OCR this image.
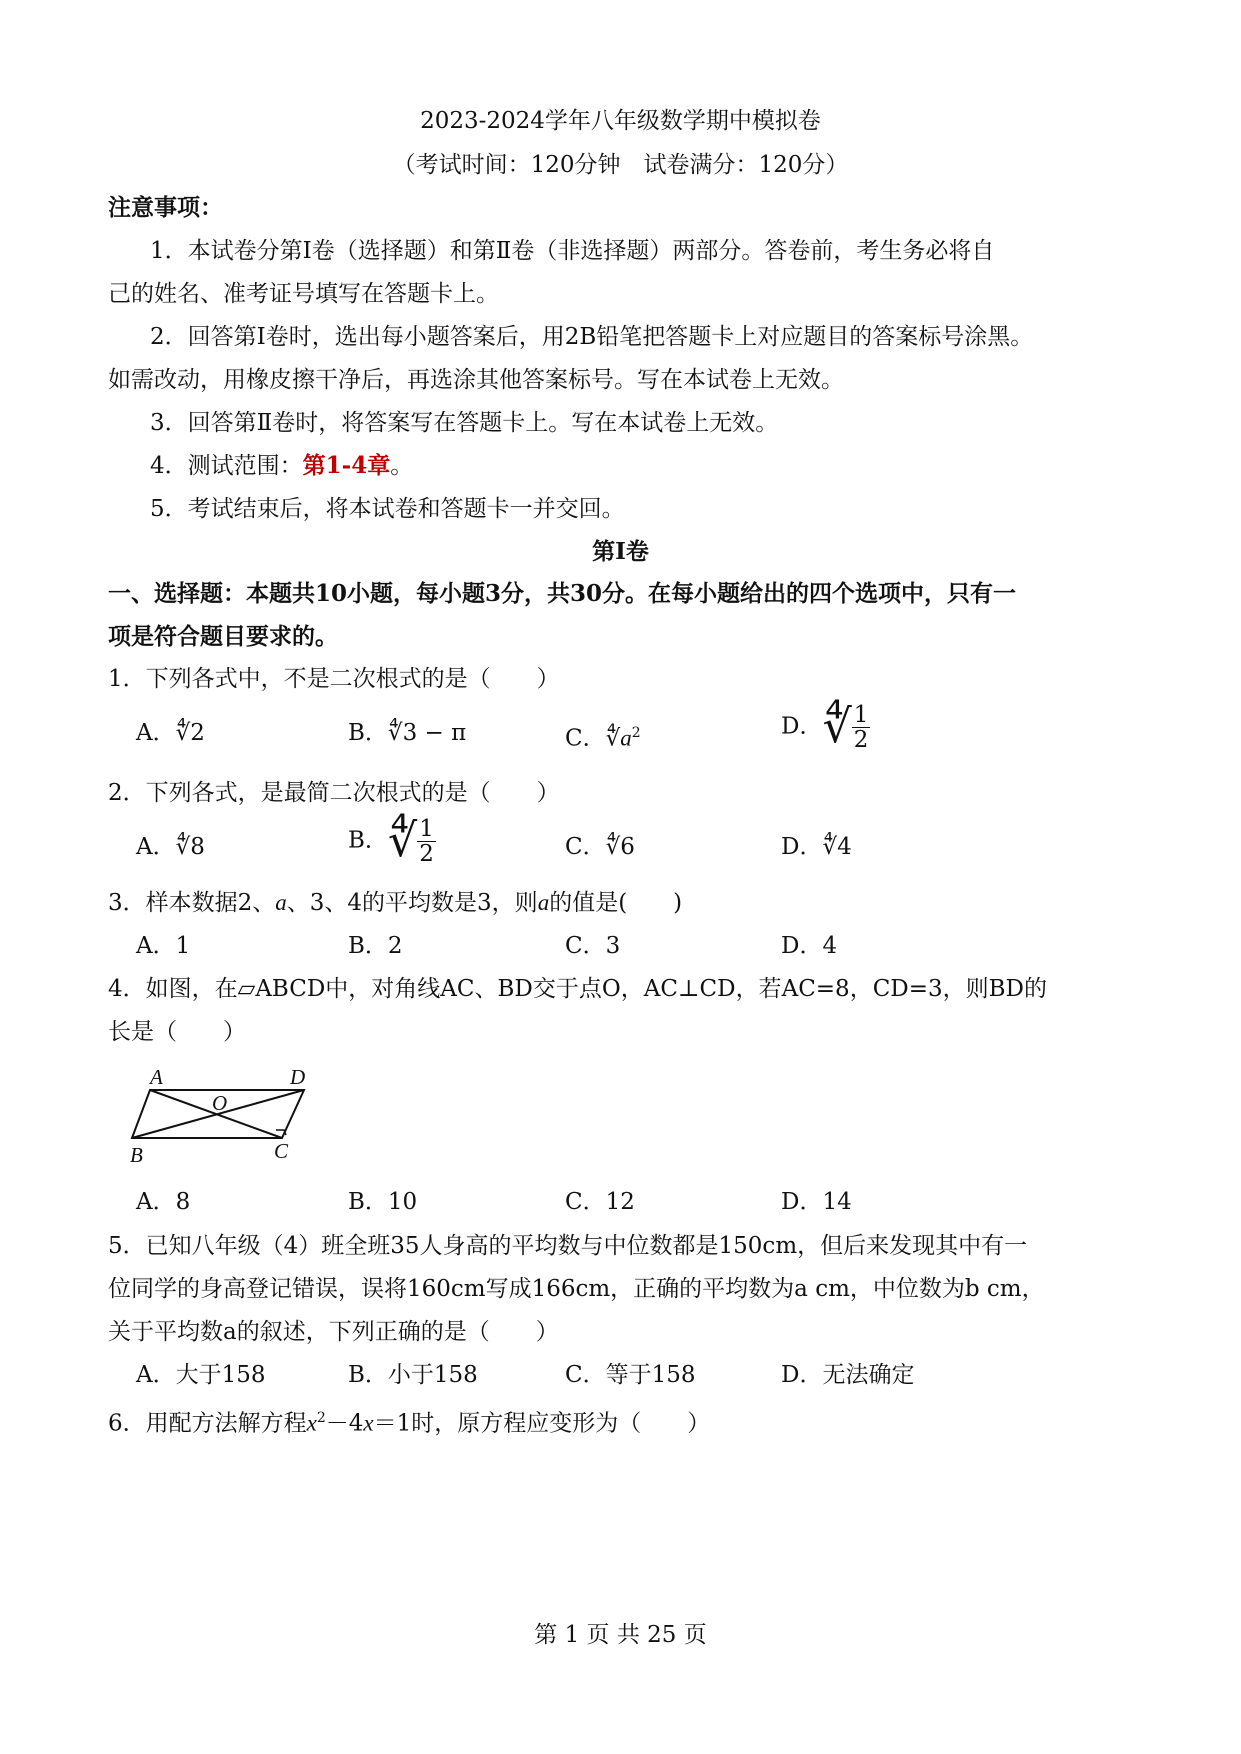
2023-2024学年八年级数学期中模拟卷
（考试时间：120分钟　试卷满分：120分）
注意事项：
1．本试卷分第Ⅰ卷（选择题）和第Ⅱ卷（非选择题）两部分。答卷前，考生务必将自
己的姓名、准考证号填写在答题卡上。
2．回答第Ⅰ卷时，选出每小题答案后，用2B铅笔把答题卡上对应题目的答案标号涂黑。
如需改动，用橡皮擦干净后，再选涂其他答案标号。写在本试卷上无效。
3．回答第Ⅱ卷时，将答案写在答题卡上。写在本试卷上无效。
4．测试范围：第1-4章。
5．考试结束后，将本试卷和答题卡一并交回。
第Ⅰ卷
一、选择题：本题共10小题，每小题3分，共30分。在每小题给出的四个选项中，只有一
项是符合题目要求的。
1．下列各式中，不是二次根式的是（　　）
A．∜2	B．∜3 − π	C．$∜a^2$	D．∜ $\frac{1}{2}$
2．下列各式，是最简二次根式的是（　　）
A．∜8	B．∜ $\frac{1}{2}$	C．∜6	D．∜4
3．样本数据2、a、3、4的平均数是3，则a的值是(　　)
A．1	B．2	C．3	D．4
4．如图，在▱ABCD中，对角线AC、BD交于点O，AC⊥CD，若AC=8，CD=3，则BD的
长是（　　）
A	D
O
B	C
A．8	B．10	C．12	D．14
5．已知八年级（4）班全班35人身高的平均数与中位数都是150cm，但后来发现其中有一
位同学的身高登记错误，误将160cm写成166cm，正确的平均数为a cm，中位数为b cm，
关于平均数a的叙述，下列正确的是（　　）
A．大于158	B．小于158	C．等于158	D．无法确定
6．用配方法解方程$x^2-4x=1$时，原方程应变形为（　　）
第 1 页 共 25 页
